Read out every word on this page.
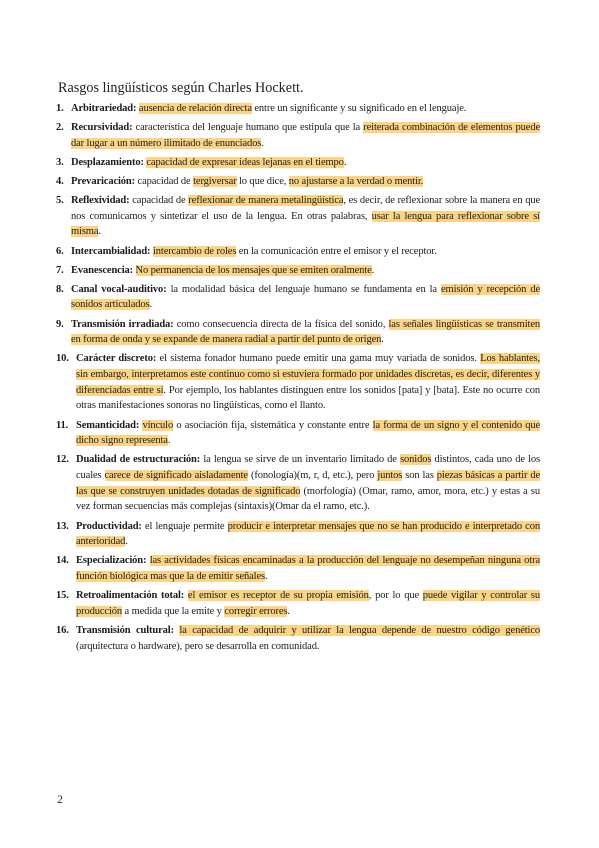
Rasgos lingüísticos según Charles Hockett.
1. Arbitrariedad: ausencia de relación directa entre un significante y su significado en el lenguaje.
2. Recursividad: característica del lenguaje humano que estipula que la reiterada combinación de elementos puede dar lugar a un número ilimitado de enunciados.
3. Desplazamiento: capacidad de expresar ideas lejanas en el tiempo.
4. Prevaricación: capacidad de tergiversar lo que dice, no ajustarse a la verdad o mentir.
5. Reflexividad: capacidad de reflexionar de manera metalingüística, es decir, de reflexionar sobre la manera en que nos comunicamos y sintetizar el uso de la lengua. En otras palabras, usar la lengua para reflexionar sobre sí misma.
6. Intercambialidad: intercambio de roles en la comunicación entre el emisor y el receptor.
7. Evanescencia: No permanencia de los mensajes que se emiten oralmente.
8. Canal vocal-auditivo: la modalidad básica del lenguaje humano se fundamenta en la emisión y recepción de sonidos articulados.
9. Transmisión irradiada: como consecuencia directa de la física del sonido, las señales lingüísticas se transmiten en forma de onda y se expande de manera radial a partir del punto de origen.
10. Carácter discreto: el sistema fonador humano puede emitir una gama muy variada de sonidos. Los hablantes, sin embargo, interpretamos este continuo como si estuviera formado por unidades discretas, es decir, diferentes y diferenciadas entre sí. Por ejemplo, los hablantes distinguen entre los sonidos [pata] y [bata]. Este no ocurre con otras manifestaciones sonoras no lingüísticas, como el llanto.
11. Semanticidad: vínculo o asociación fija, sistemática y constante entre la forma de un signo y el contenido que dicho signo representa.
12. Dualidad de estructuración: la lengua se sirve de un inventario limitado de sonidos distintos, cada uno de los cuales carece de significado aisladamente (fonología)(m, r, d, etc.), pero juntos son las piezas básicas a partir de las que se construyen unidades dotadas de significado (morfología) (Omar, ramo, amor, mora, etc.) y estas a su vez forman secuencias más complejas (sintaxis)(Omar da el ramo, etc.).
13. Productividad: el lenguaje permite producir e interpretar mensajes que no se han producido e interpretado con anterioridad.
14. Especialización: las actividades físicas encaminadas a la producción del lenguaje no desempeñan ninguna otra función biológica mas que la de emitir señales.
15. Retroalimentación total: el emisor es receptor de su propia emisión, por lo que puede vigilar y controlar su producción a medida que la emite y corregir errores.
16. Transmisión cultural: la capacidad de adquirir y utilizar la lengua depende de nuestro código genético (arquitectura o hardware), pero se desarrolla en comunidad.
2
